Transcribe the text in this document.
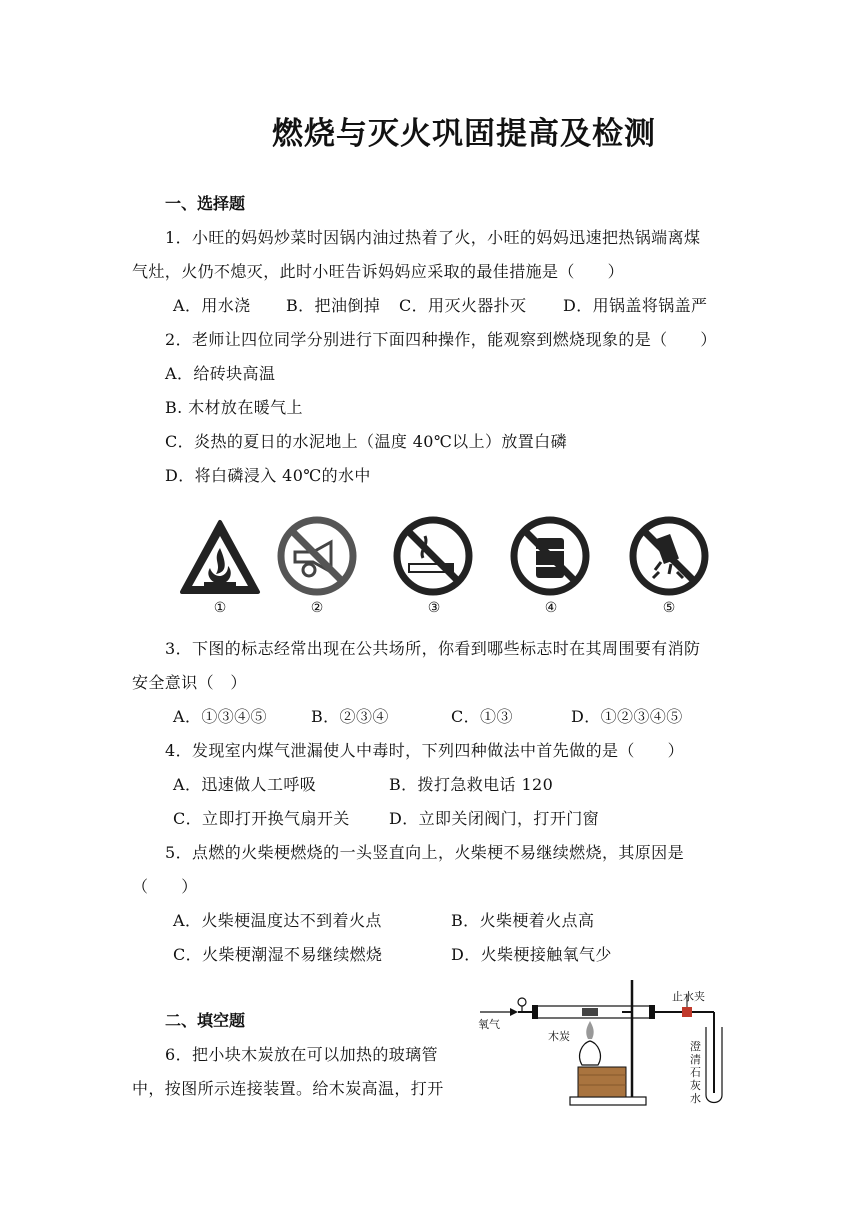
燃烧与灭火巩固提高及检测
一、选择题
1．小旺的妈妈炒菜时因锅内油过热着了火，小旺的妈妈迅速把热锅端离煤
气灶，火仍不熄灭，此时小旺告诉妈妈应采取的最佳措施是（　　）
A．用水浇 B．把油倒掉 C．用灭火器扑灭 D．用锅盖将锅盖严
2．老师让四位同学分别进行下面四种操作，能观察到燃烧现象的是（　　）
A．给砖块高温
B. 木材放在暖气上
C．炎热的夏日的水泥地上（温度 40℃以上）放置白磷
D．将白磷浸入 40℃的水中
①	②	③	④	⑤
3．下图的标志经常出现在公共场所，你看到哪些标志时在其周围要有消防
安全意识（　）
A．①③④⑤	B．②③④	C．①③	D．①②③④⑤
4．发现室内煤气泄漏使人中毒时，下列四种做法中首先做的是（　　）
A．迅速做人工呼吸	B．拨打急救电话 120
C．立即打开换气扇开关 D．立即关闭阀门，打开门窗
5．点燃的火柴梗燃烧的一头竖直向上，火柴梗不易继续燃烧，其原因是
（　　）
A．火柴梗温度达不到着火点	B．火柴梗着火点高
C．火柴梗潮湿不易继续燃烧	D．火柴梗接触氧气少
二、填空题
6．把小块木炭放在可以加热的玻璃管
中，按图所示连接装置。给木炭高温，打开
氧气
木炭
止水夹
澄
清
石
灰
水
